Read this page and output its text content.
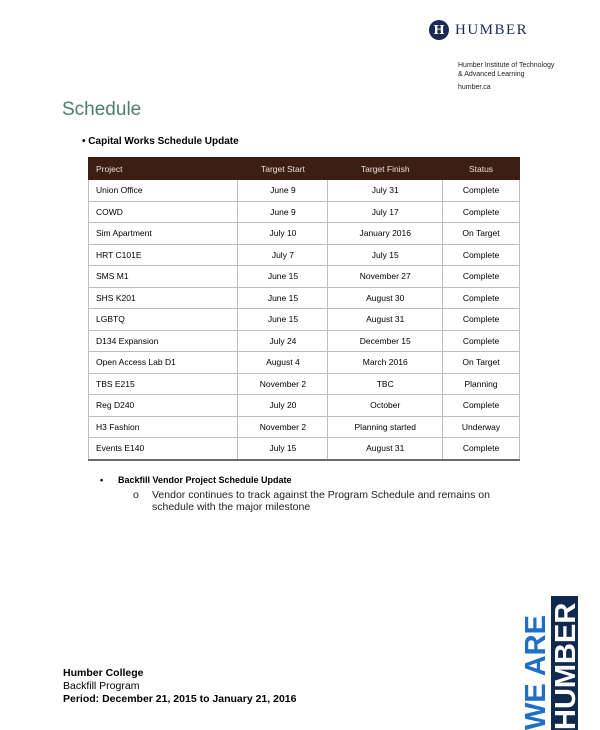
H HUMBER
Humber Institute of Technology
& Advanced Learning
humber.ca
Schedule
• Capital Works Schedule Update
Project	Target Start	Target Finish	Status
Union Office	June 9	July 31	Complete
COWD	June 9	July 17	Complete
Sim Apartment	July 10	January 2016	On Target
HRT C101E	July 7	July 15	Complete
SMS M1	June 15	November 27	Complete
SHS K201	June 15	August 30	Complete
LGBTQ	June 15	August 31	Complete
D134 Expansion	July 24	December 15	Complete
Open Access Lab D1	August 4	March 2016	On Target
TBS E215	November 2	TBC	Planning
Reg D240	July 20	October	Complete
H3 Fashion	November 2	Planning started	Underway
Events E140	July 15	August 31	Complete
• Backfill Vendor Project Schedule Update
o Vendor continues to track against the Program Schedule and remains on
schedule with the major milestone
Humber College
Backfill Program
Period: December 21, 2015 to January 21, 2016	WE ARE
HUMBER
